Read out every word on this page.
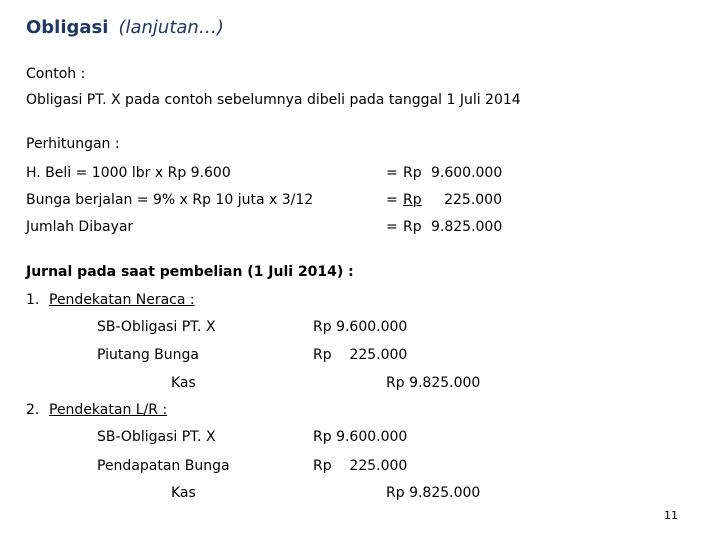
Obligasi (lanjutan…)
Contoh :
Obligasi PT. X pada contoh sebelumnya dibeli pada tanggal 1 Juli 2014
Perhitungan :
H. Beli = 1000 lbr x Rp 9.600	= Rp 9.600.000
Bunga berjalan = 9% x Rp 10 juta x 3/12	= Rp 225.000
Jumlah Dibayar	= Rp 9.825.000
Jurnal pada saat pembelian (1 Juli 2014) :
1. Pendekatan Neraca :
SB-Obligasi PT. X	Rp 9.600.000
Piutang Bunga	Rp    225.000
Kas	Rp 9.825.000
2. Pendekatan L/R :
SB-Obligasi PT. X	Rp 9.600.000
Pendapatan Bunga	Rp    225.000
Kas	Rp 9.825.000
11
